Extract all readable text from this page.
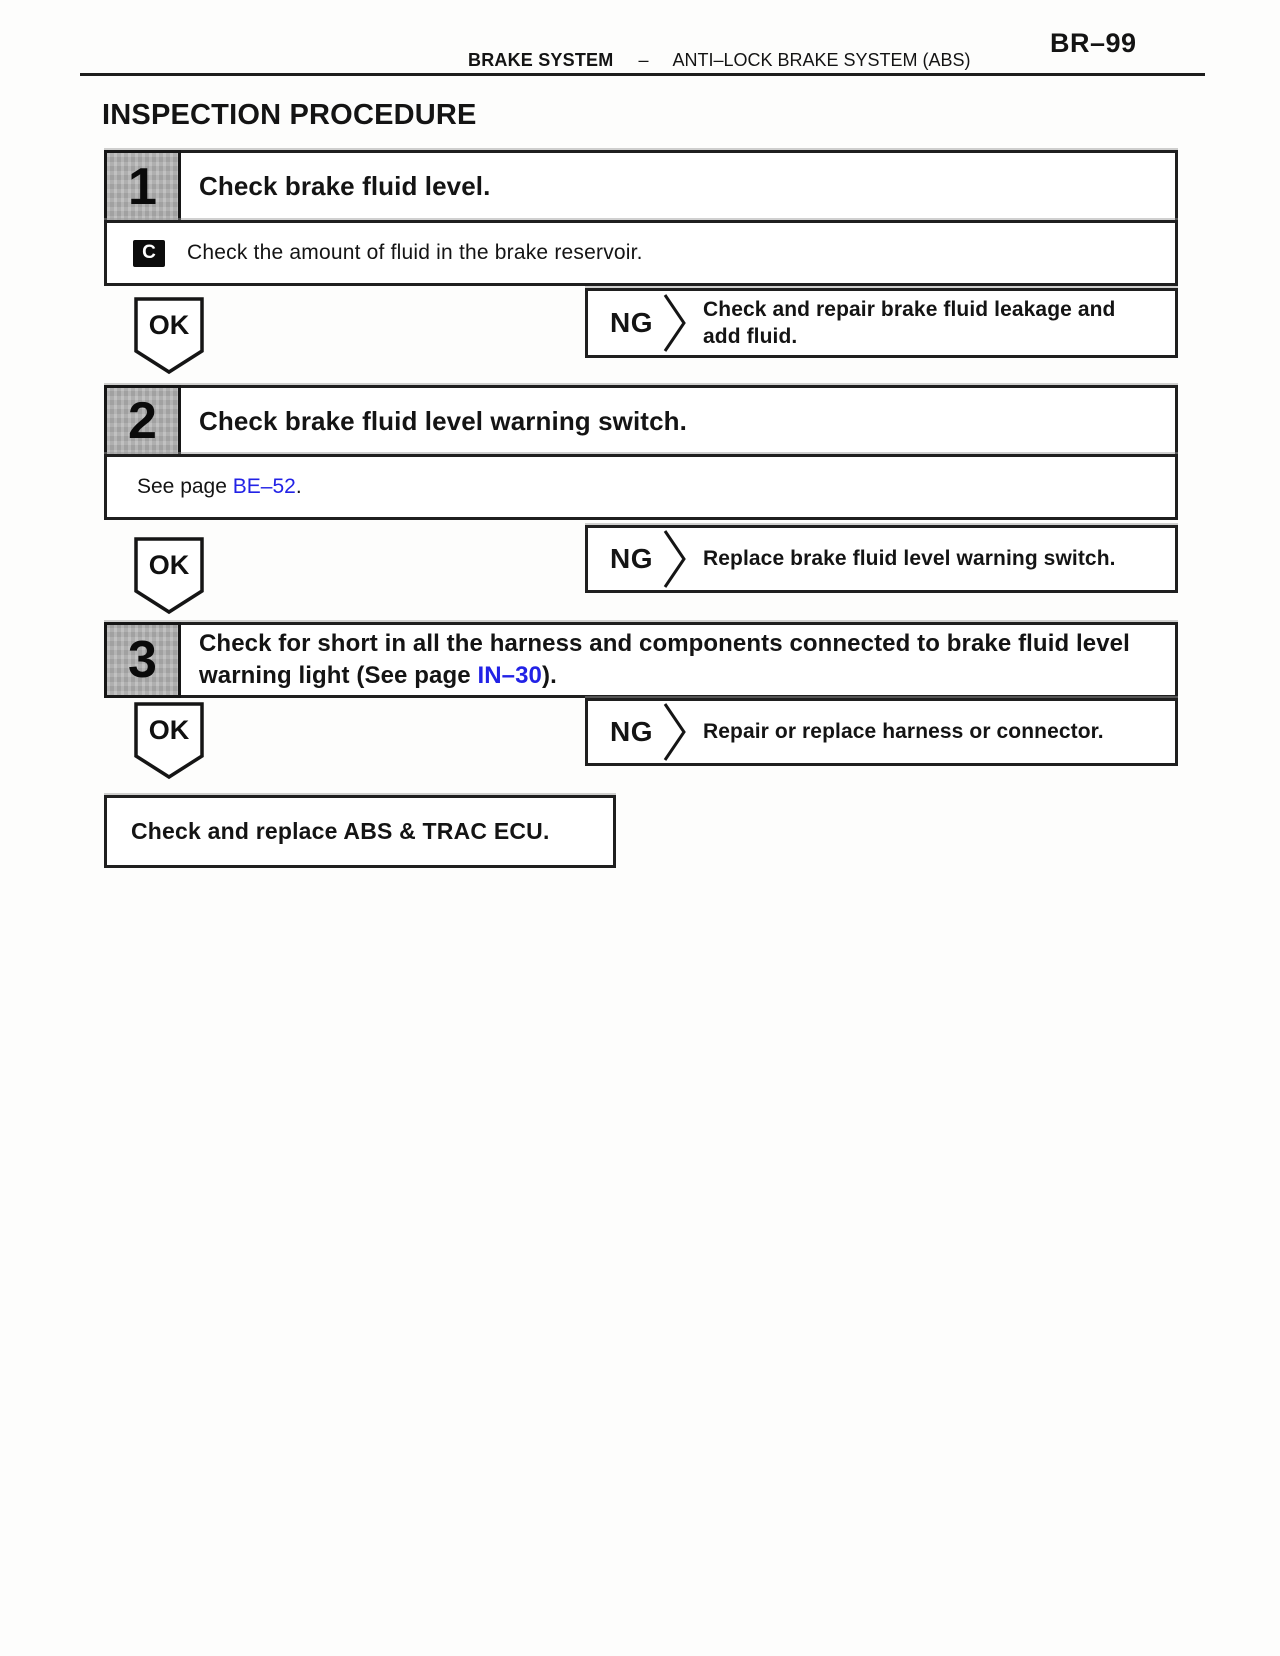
BR–99
BRAKE SYSTEM – ANTI–LOCK BRAKE SYSTEM (ABS)
INSPECTION PROCEDURE
1	Check brake fluid level.
C	Check the amount of fluid in the brake reservoir.
OK	NG Check and repair brake fluid leakage and add fluid.
2	Check brake fluid level warning switch.
See page BE–52.
OK	NG Replace brake fluid level warning switch.
3	Check for short in all the harness and components connected to brake fluid level warning light (See page IN–30).
OK	NG Repair or replace harness or connector.
Check and replace ABS & TRAC ECU.
